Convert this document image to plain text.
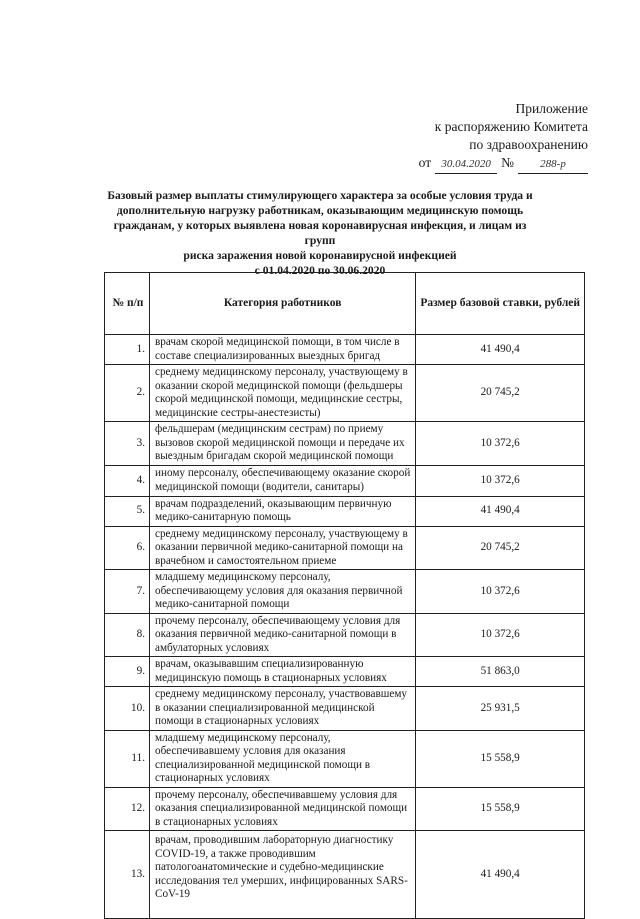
Приложение
к распоряжению Комитета
по здравоохранению
от 30.04.2020 №	288-р
Базовый размер выплаты стимулирующего характера за особые условия труда и
дополнительную нагрузку работникам, оказывающим медицинскую помощь
гражданам, у которых выявлена новая коронавирусная инфекция, и лицам из групп
риска заражения новой коронавирусной инфекцией
с 01.04.2020 по 30.06.2020
№ п/п	Категория работников	Размер базовой ставки, рублей
1.	врачам скорой медицинской помощи, в том числе в составе специализированных выездных бригад	41 490,4
2.	среднему медицинскому персоналу, участвующему в оказании скорой медицинской помощи (фельдшеры скорой медицинской помощи, медицинские сестры, медицинские сестры-анестезисты)	20 745,2
3.	фельдшерам (медицинским сестрам) по приему вызовов скорой медицинской помощи и передаче их выездным бригадам скорой медицинской помощи	10 372,6
4.	иному персоналу, обеспечивающему оказание скорой медицинской помощи (водители, санитары)	10 372,6
5.	врачам подразделений, оказывающим первичную медико-санитарную помощь	41 490,4
6.	среднему медицинскому персоналу, участвующему в оказании первичной медико-санитарной помощи на врачебном и самостоятельном приеме	20 745,2
7.	младшему медицинскому персоналу, обеспечивающему условия для оказания первичной медико-санитарной помощи	10 372,6
8.	прочему персоналу, обеспечивающему условия для оказания первичной медико-санитарной помощи в амбулаторных условиях	10 372,6
9.	врачам, оказывавшим специализированную медицинскую помощь в стационарных условиях	51 863,0
10.	среднему медицинскому персоналу, участвовавшему в оказании специализированной медицинской помощи в стационарных условиях	25 931,5
11.	младшему медицинскому персоналу, обеспечивавшему условия для оказания специализированной медицинской помощи в стационарных условиях	15 558,9
12.	прочему персоналу, обеспечивавшему условия для оказания специализированной медицинской помощи в стационарных условиях	15 558,9
13.	врачам, проводившим лабораторную диагностику COVID-19, а также проводившим патологоанатомические и судебно-медицинские исследования тел умерших, инфицированных SARS-CoV-19	41 490,4
